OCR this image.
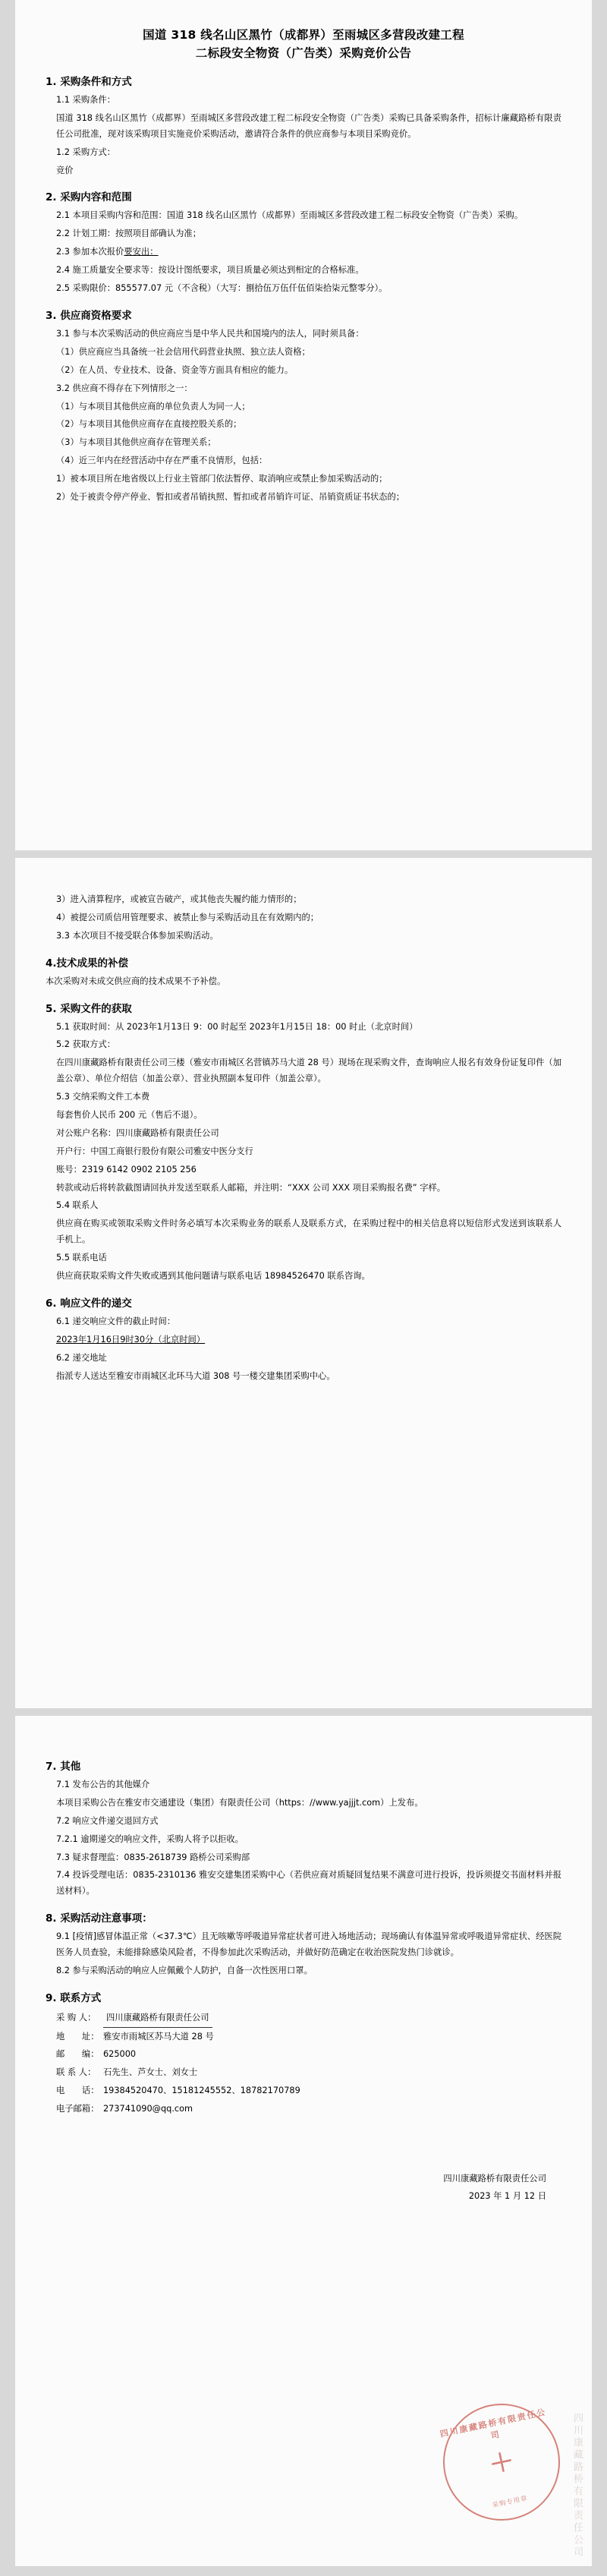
国道 318 线名山区黑竹（成都界）至雨城区多营段改建工程
二标段安全物资（广告类）采购竞价公告
1. 采购条件和方式
1.1 采购条件：
国道 318 线名山区黑竹（成都界）至雨城区多营段改建工程二标段安全物资（广告类）采购已具备采购条件，招标计廉藏路桥有限责任公司批准，现对该采购项目实施竞价采购活动，邀请符合条件的供应商参与本项目采购竞价。
1.2 采购方式：
竞价
2. 采购内容和范围
2.1 本项目采购内容和范围：国道 318 线名山区黑竹（成都界）至雨城区多营段改建工程二标段安全物资（广告类）采购。
2.2 计划工期：按照项目部确认为准；
2.3 参加本次报价要安出：
2.4 施工质量安全要求等：按设计图纸要求，项目质量必须达到相定的合格标准。
2.5 采购限价：855577.07 元（不含税）（大写：捌拾伍万伍仟伍佰柒拾柒元整零分）。
3. 供应商资格要求
3.1 参与本次采购活动的供应商应当是中华人民共和国境内的法人，同时须具备：
（1）供应商应当具备统一社会信用代码营业执照、独立法人资格；
（2）在人员、专业技术、设备、资金等方面具有相应的能力。
3.2 供应商不得存在下列情形之一：
（1）与本项目其他供应商的单位负责人为同一人；
（2）与本项目其他供应商存在直接控股关系的；
（3）与本项目其他供应商存在管理关系；
（4）近三年内在经营活动中存在严重不良情形，包括：
1）被本项目所在地省级以上行业主管部门依法暂停、取消响应或禁止参加采购活动的；
2）处于被责令停产停业、暂扣或者吊销执照、暂扣或者吊销许可证、吊销资质证书状态的；
3）进入清算程序，或被宣告破产，或其他丧失履约能力情形的；
4）被提公司质信用管理要求、被禁止参与采购活动且在有效期内的；
3.3 本次项目不接受联合体参加采购活动。
4.技术成果的补偿
本次采购对未成交供应商的技术成果不予补偿。
5. 采购文件的获取
5.1 获取时间：从 2023年1月13日 9：00 时起至 2023年1月15日 18：00 时止（北京时间）
5.2 获取方式：
在四川康藏路桥有限责任公司三楼（雅安市雨城区名营镇苏马大道 28 号）现场在现采购文件，查询响应人报名有效身份证复印件（加盖公章）、单位介绍信（加盖公章）、营业执照副本复印件（加盖公章）。
5.3 交纳采购文件工本费
每套售价人民币 200 元（售后不退）。
对公账户名称：四川康藏路桥有限责任公司
开户行：中国工商银行股份有限公司雅安中医分支行
账号：2319 6142 0902 2105 256
转款或动后将转款截图请回执并发送至联系人邮箱，并注明：“XXX 公司 XXX 项目采购报名费” 字样。
5.4 联系人
供应商在购买或领取采购文件时务必填写本次采购业务的联系人及联系方式，在采购过程中的相关信息将以短信形式发送到该联系人手机上。
5.5 联系电话
供应商获取采购文件失败或遇到其他问题请与联系电话 18984526470 联系咨询。
6. 响应文件的递交
6.1 递交响应文件的截止时间：
2023年1月16日9时30分（北京时间）
6.2 递交地址
指派专人送达至雅安市雨城区北环马大道 308 号一楼交建集团采购中心。
7. 其他
7.1 发布公告的其他媒介
本项目采购公告在雅安市交通建设（集团）有限责任公司（https：//www.yajjjt.com）上发布。
7.2 响应文件递交退回方式
7.2.1 逾期递交的响应文件，采购人将予以拒收。
7.3 疑求督理监：0835-2618739 路桥公司采购部
7.4 投诉受理电话：0835-2310136 雅安交建集团采购中心（若供应商对质疑回复结果不满意可进行投诉，投诉须提交书面材料并报送材料）。
8. 采购活动注意事项：
9.1 [疫情]感冒体温正常（<37.3℃）且无咳嗽等呼吸道异常症状者可进入场地活动；现场确认有体温异常或呼吸道异常症状、经医院医务人员查验，未能排除感染风险者，不得参加此次采购活动，并做好防范确定在收治医院发热门诊就诊。
8.2 参与采购活动的响应人应佩戴个人防护，自备一次性医用口罩。
9. 联系方式
采 购 人： 四川康藏路桥有限责任公司
地　　址： 雅安市雨城区苏马大道 28 号
邮　　编： 625000
联 系 人： 石先生、芦女士、刘女士
电　　话： 19384520470、15181245552、18782170789
电子邮箱： 273741090@qq.com
四川康藏路桥有限责任公司
2023 年 1 月 12 日
四川康藏路桥有限责任公司
采购专用章	四川康藏路桥有限责任公司
